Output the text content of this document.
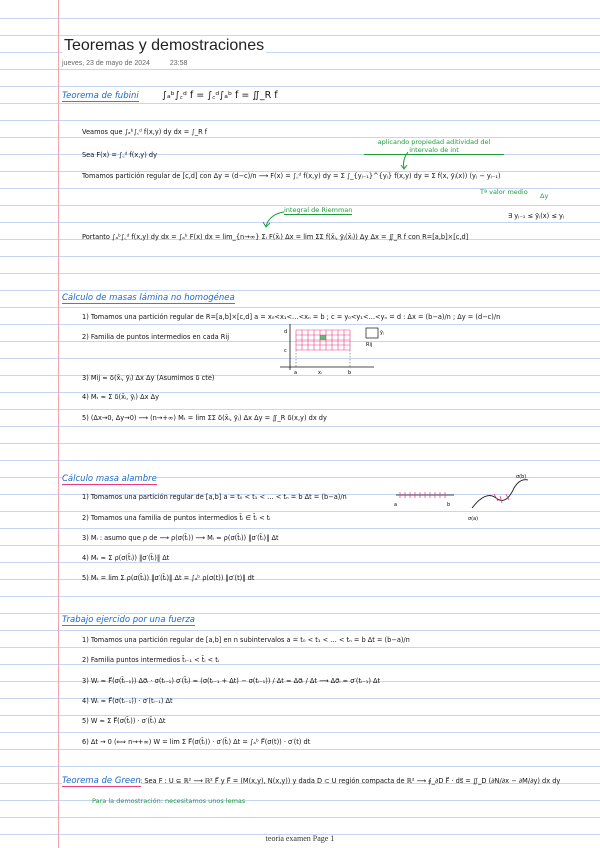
Teoremas y demostraciones
jueves, 23 de mayo de 2024	23:58
Teorema de fubini ∫ₐᵇ∫꜀ᵈ f = ∫꜀ᵈ∫ₐᵇ f = ∬_R f
Veamos que ∫ₐᵇ∫꜀ᵈ f(x,y) dy dx = ∫_R f
Sea F(x) = ∫꜀ᵈ f(x,y) dy
aplicando propiedad aditividad del intervalo de int
Tomamos partición regular de [c,d] con Δy = (d−c)/n ⟶ F(x) = ∫꜀ᵈ f(x,y) dy = Σ ∫_{yⱼ₋₁}^{yⱼ} f(x,y) dy = Σ f(x, ȳⱼ(x)) (yⱼ − yⱼ₋₁)
Tª valor medio Δy
∃ yⱼ₋₁ ≤ ȳⱼ(x) ≤ yⱼ
integral de Riemman
Portanto ∫ₐᵇ∫꜀ᵈ f(x,y) dy dx = ∫ₐᵇ F(x) dx = lim_{n→∞} Σᵢ F(x̄ᵢ) Δx = lim ΣΣ f(x̄ᵢ, ȳⱼ(x̄ᵢ)) Δy Δx = ∬_R f con R=[a,b]×[c,d]
Cálculo de masas lámina no homogénea
1) Tomamos una partición regular de R=[a,b]×[c,d] a = x₀<x₁<…<xₙ = b ; c = y₀<y₁<…<yₙ = d : Δx = (b−a)/n ; Δy = (d−c)/n
2) Familia de puntos intermedios en cada Rij
d
c
a	xᵢ	b
Rij
ȳⱼ
3) Mij ≈ δ(x̄ᵢ, ȳⱼ) Δx Δy (Asumimos δ cte)
4) Mₜ ≈ Σ δ(x̄ᵢ, ȳⱼ) Δx Δy
5) (Δx→0, Δy→0) ⟶ (n→+∞) Mₜ = lim ΣΣ δ(x̄ᵢ, ȳⱼ) Δx Δy = ∬_R δ(x,y) dx dy
Cálculo masa alambre
1) Tomamos una partición regular de [a,b] a = t₀ < t₁ < … < tₙ = b Δt = (b−a)/n
2) Tomamos una familia de puntos intermedios t̄ᵢ ∈ t̄ᵢ < tᵢ
a	b
σ(a)
σ(b)
3) Mᵢ : asumo que ρ de ⟶ ρ(σ(t̄ᵢ)) ⟶ Mᵢ ≈ ρ(σ(t̄ᵢ)) ‖σ′(t̄ᵢ)‖ Δt
4) Mₜ ≈ Σ ρ(σ(t̄ᵢ)) ‖σ′(t̄ᵢ)‖ Δt
5) Mₜ = lim Σ ρ(σ(t̄ᵢ)) ‖σ′(t̄ᵢ)‖ Δt = ∫ₐᵇ ρ(σ(t)) ‖σ′(t)‖ dt
Trabajo ejercido por una fuerza
1) Tomamos una partición regular de [a,b] en n subintervalos a = t₀ < t₁ < … < tₙ = b Δt = (b−a)/n
2) Familia puntos intermedios t̄ᵢ₋₁ < t̄ᵢ < tᵢ
3) Wᵢ ≈ F⃗(σ(t̄ᵢ₋₁)) Δσ⃗ᵢ · σ(tᵢ₋₁) σ′(t̄ᵢ) ≈ (σ(tᵢ₋₁ + Δt) − σ(tᵢ₋₁)) / Δt ≈ Δσ⃗ᵢ / Δt ⟶ Δσ⃗ᵢ ≈ σ′(tᵢ₋₁) Δt
4) Wᵢ ≈ F⃗(σ(tᵢ₋₁)) · σ′(tᵢ₋₁) Δt
5) W ≈ Σ F⃗(σ(t̄ᵢ)) · σ′(t̄ᵢ) Δt
6) Δt → 0 (⟺ n→+∞) W = lim Σ F⃗(σ(t̄ᵢ)) · σ′(t̄ᵢ) Δt = ∫ₐᵇ F⃗(σ(t)) · σ′(t) dt
Teorema de Green : Sea F : U ⊆ ℝ² ⟶ ℝ² F⃗ y F⃗ = (M(x,y), N(x,y)) y dada D ⊂ U región compacta de ℝ² ⟶ ∮_∂D F⃗ · ds⃗ = ∬_D (∂N/∂x − ∂M/∂y) dx dy
Para la demostración: necesitamos unos lemas
teoria examen Page 1
